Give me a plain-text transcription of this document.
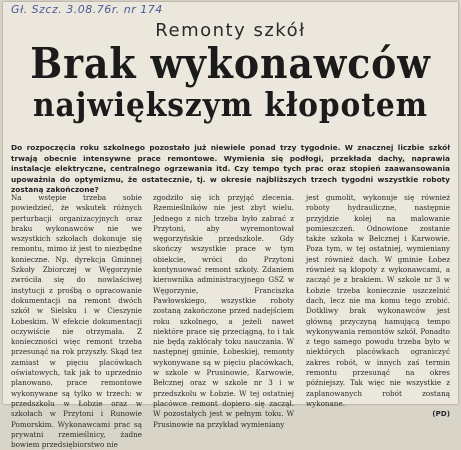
Gł. Szcz. 3.08.76r. nr 174
Remonty szkół
Brak wykonawców
największym kłopotem
Do rozpoczęcia roku szkolnego pozostało już niewiele ponad trzy tygodnie. W znacznej liczbie szkół trwają obecnie intensywne prace remontowe. Wymienia się podłogi, przekłada dachy, naprawia instalacje elektryczne, centralnego ogrzewania itd. Czy tempo tych prac oraz stopień zaawansowania upoważnia do optymizmu, że ostatecznie, tj. w okresie najbliższych trzech tygodni wszystkie roboty zostaną zakończone?
Na wstępie trzeba sobie powiedzieć, że wskutek różnych perturbacji organizacyjnych oraz braku wykonawców nie we wszystkich szkołach dokonuje się remontu, mimo iż jest to niezbędne konieczne. Np. dyrekcja Gminnej Szkoły Zbiorczej w Węgorzynie zwróciła się do nowlaściwej instytucji z prośbą o opracowanie dokumentacji na remont dwóch szkół w Sielsku i w Cieszynie Łobeskim. W efekcie dokumentacji oczywiście nie otrzymała. Z konieczności więc remont trzeba przesunąć na rok przyszły. Skąd tez zamiast w pięciu placówkach oświatowych, tak jak to uprzednio planowano, prace remontowe wykonywane są tylko w trzech: w przedszkolu w Łobzie oraz w szkołach w Przytoni i Runowie Pomorskim. Wykonawcami prac są prywatni rzemieślnicy, żadne bowiem przedsiębiorstwo nie
zgodziło się ich przyjąć zlecenia. Rzemieślników nie jest zbyt wielu. Jednego z nich trzeba było zabrać z Przytoni, aby wyremontował węgorzyńskie przedszkole. Gdy skończy wszystkie prace w tym obiekcie, wróci do Przytoni kontynuować remont szkoły. Zdaniem kierownika administracyjnego GSZ w Węgorzynie, Franciszka Pawłowskiego, wszystkie roboty zostaną zakończone przed nadejściem roku szkolnego, a jeżeli nawet niektóre prace się przeciągną, to i tak nie będą zakłócały toku nauczania. W następnej gminie, Łobeskiej, remonty wykonywane są w pięciu placówkach, w szkole w Prusinowie, Karwowie, Bełcznej oraz w szkole nr 3 i w przedszkolu w Łobzie. W tej ostatniej placówce remont dopiero się zaczął. W pozostałych jest w pełnym toku. W Prusinowie na przykład wymieniany
jest gumolit, wykonuje się również roboty hydrauliczne, następnie przyjdzie kolej na malowanie pomieszczeń. Odnowione zostanie także szkoła w Bełcznej i Karwowie. Poza tym, w tej ostatniej, wymieniany jest również dach. W gminie Łobez również są kłopoty z wykonawcami, a zacząć je z brakiem. W szkole nr 3 w Łobzie trzeba koniecznie uszczelnić dach, lecz nie ma komu tego zrobić. Dotkliwy brak wykonawców jest główną przyczyną hamującą tempo wykonywania remontów szkół. Ponadto z tego samego powodu trzeba było w niektórych placówkach ograniczyć zakres robót, w innych zaś termin remontu przesunąć na okres późniejszy. Tak więc nie wszystkie z zaplanowanych robót zostaną wykonane.
(PD)
